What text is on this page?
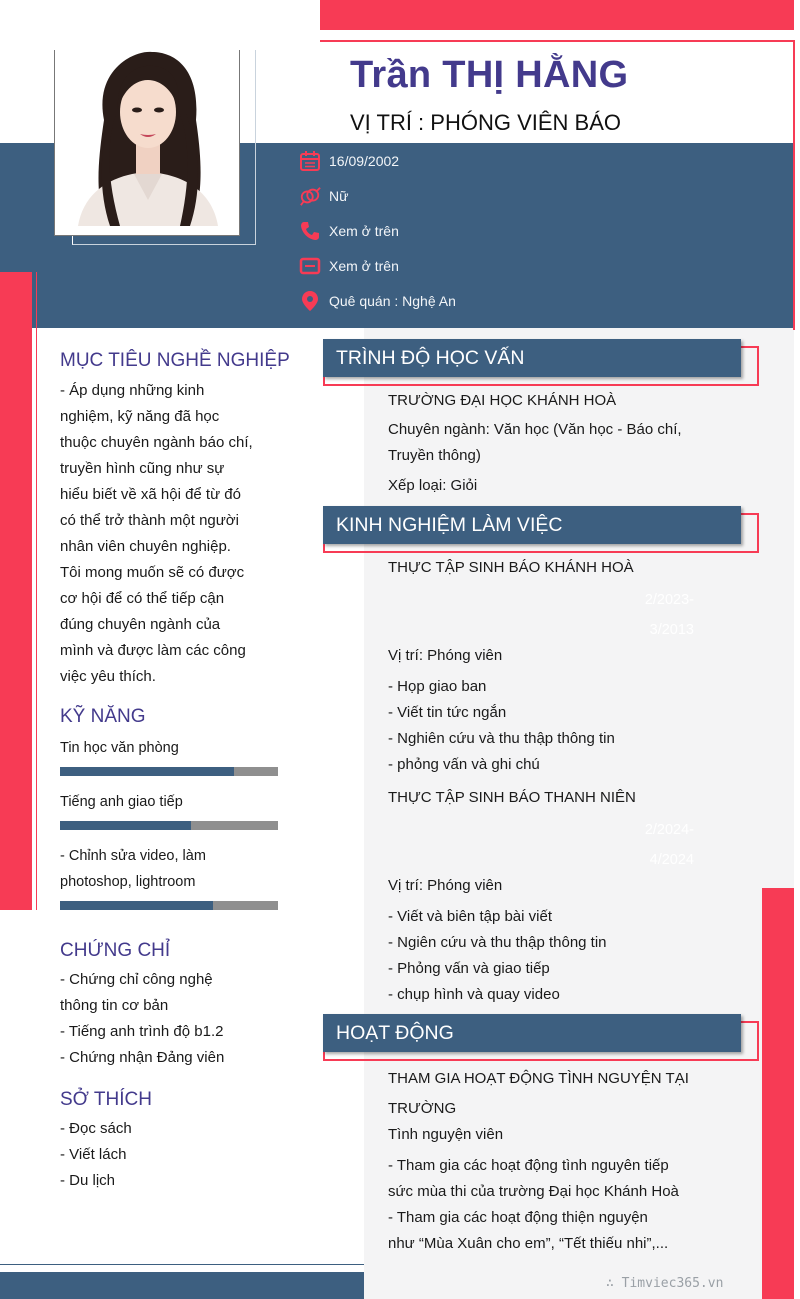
Trần THỊ HẰNG
VỊ TRÍ : PHÓNG VIÊN BÁO
16/09/2002
Nữ
Xem ở trên
Xem ở trên
Quê quán : Nghệ An
MỤC TIÊU NGHỀ NGHIỆP
- Áp dụng những kinh
nghiệm, kỹ năng đã học
thuộc chuyên ngành báo chí,
truyền hình cũng như sự
hiểu biết về xã hội để từ đó
có thể trở thành một người
nhân viên chuyên nghiệp.
Tôi mong muốn sẽ có được
cơ hội để có thể tiếp cận
đúng chuyên ngành của
mình và được làm các công
việc yêu thích.
KỸ NĂNG
Tin học văn phòng
Tiếng anh giao tiếp
- Chỉnh sửa video, làm
photoshop, lightroom
CHỨNG CHỈ
- Chứng chỉ công nghệ
thông tin cơ bản
- Tiếng anh trình độ b1.2
- Chứng nhận Đảng viên
SỞ THÍCH
- Đọc sách
- Viết lách
- Du lịch
TRÌNH ĐỘ HỌC VẤN
TRƯỜNG ĐẠI HỌC KHÁNH HOÀ
Chuyên ngành: Văn học (Văn học - Báo chí,
Truyền thông)
Xếp loại: Giỏi
KINH NGHIỆM LÀM VIỆC
THỰC TẬP SINH BÁO KHÁNH HOÀ
2/2023-
3/2013
Vị trí: Phóng viên
- Họp giao ban
- Viết tin tức ngắn
- Nghiên cứu và thu thập thông tin
- phỏng vấn và ghi chú
THỰC TẬP SINH BÁO THANH NIÊN
2/2024-
4/2024
Vị trí: Phóng viên
- Viết và biên tập bài viết
- Ngiên cứu và thu thập thông tin
- Phỏng vấn và giao tiếp
- chụp hình và quay video
HOẠT ĐỘNG
THAM GIA HOẠT ĐỘNG TÌNH NGUYỆN TẠI
TRƯỜNG
Tình nguyện viên
- Tham gia các hoạt động tình nguyên tiếp
sức mùa thi của trường Đại học Khánh Hoà
- Tham gia các hoạt động thiện nguyện
như “Mùa Xuân cho em”, “Tết thiếu nhi”,...
∴ Timviec365.vn
